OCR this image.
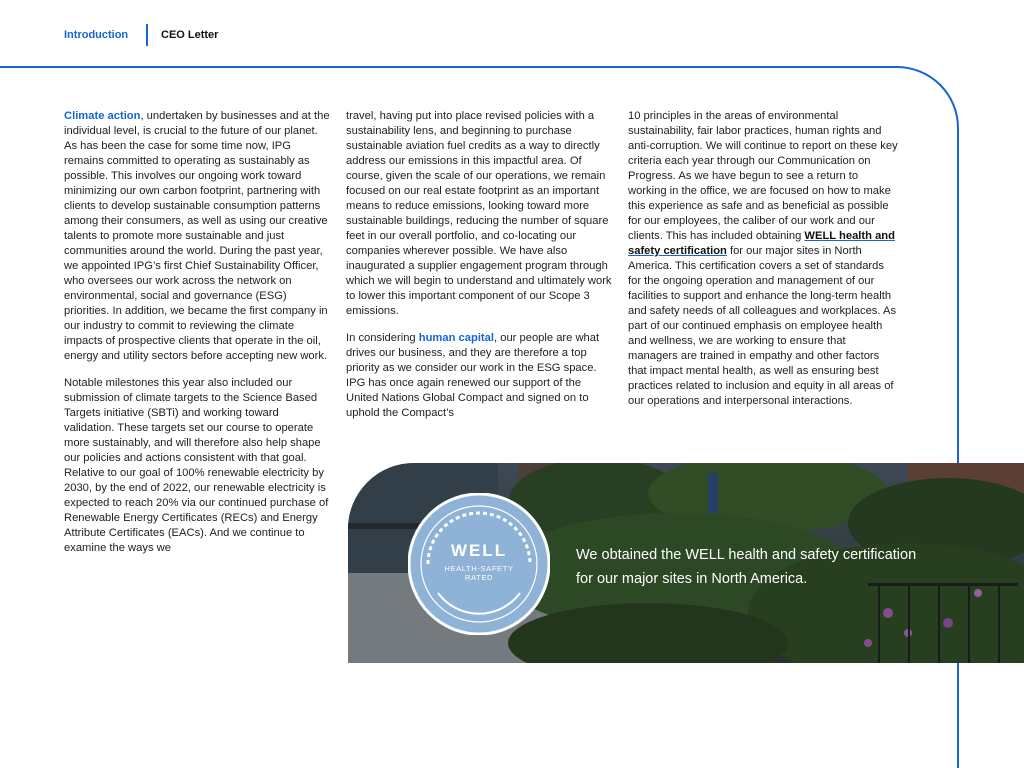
Introduction	CEO Letter

Climate action, undertaken by businesses and at the individual level, is crucial to the future of our planet. As has been the case for some time now, IPG remains committed to operating as sustainably as possible. This involves our ongoing work toward minimizing our own carbon footprint, partnering with clients to develop sustainable consumption patterns among their consumers, as well as using our creative talents to promote more sustainable and just communities around the world. During the past year, we appointed IPG’s first Chief Sustainability Officer, who oversees our work across the network on environmental, social and governance (ESG) priorities. In addition, we became the first company in our industry to commit to reviewing the climate impacts of prospective clients that operate in the oil, energy and utility sectors before accepting new work.

Notable milestones this year also included our submission of climate targets to the Science Based Targets initiative (SBTi) and working toward validation. These targets set our course to operate more sustainably, and will therefore also help shape our policies and actions consistent with that goal. Relative to our goal of 100% renewable electricity by 2030, by the end of 2022, our renewable electricity is expected to reach 20% via our continued purchase of Renewable Energy Certificates (RECs) and Energy Attribute Certificates (EACs). And we continue to examine the ways we

travel, having put into place revised policies with a sustainability lens, and beginning to purchase sustainable aviation fuel credits as a way to directly address our emissions in this impactful area. Of course, given the scale of our operations, we remain focused on our real estate footprint as an important means to reduce emissions, looking toward more sustainable buildings, reducing the number of square feet in our overall portfolio, and co-locating our companies wherever possible. We have also inaugurated a supplier engagement program through which we will begin to understand and ultimately work to lower this important component of our Scope 3 emissions.

In considering human capital, our people are what drives our business, and they are therefore a top priority as we consider our work in the ESG space. IPG has once again renewed our support of the United Nations Global Compact and signed on to uphold the Compact’s

10 principles in the areas of environmental sustainability, fair labor practices, human rights and anti-corruption. We will continue to report on these key criteria each year through our Communication on Progress. As we have begun to see a return to working in the office, we are focused on how to make this experience as safe and as beneficial as possible for our employees, the caliber of our work and our clients. This has included obtaining WELL health and safety certification for our major sites in North America. This certification covers a set of standards for the ongoing operation and management of our facilities to support and enhance the long-term health and safety needs of all colleagues and workplaces. As part of our continued emphasis on employee health and wellness, we are working to ensure that managers are trained in empathy and other factors that impact mental health, as well as ensuring best practices related to inclusion and equity in all areas of our operations and interpersonal interactions.

WELL
HEALTH-SAFETY
RATED
We obtained the WELL health and safety certification for our major sites in North America.
